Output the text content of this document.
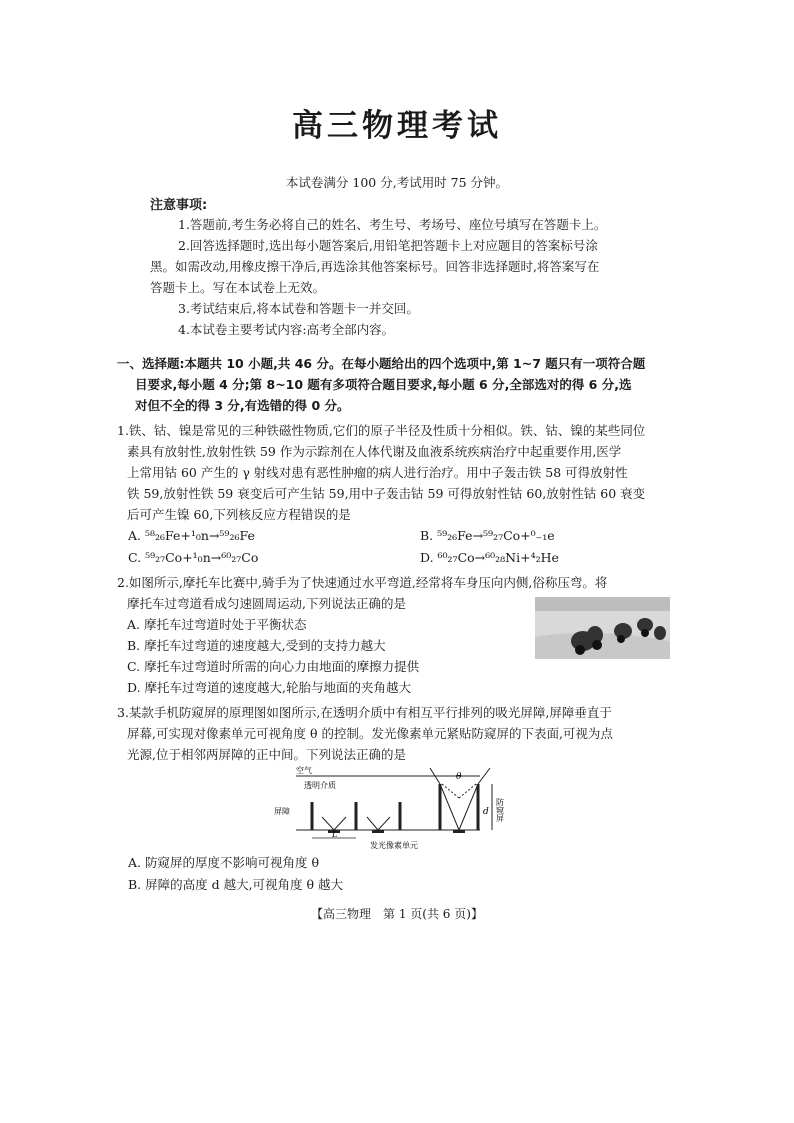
高三物理考试
本试卷满分 100 分,考试用时 75 分钟。
注意事项:
1.答题前,考生务必将自己的姓名、考生号、考场号、座位号填写在答题卡上。
2.回答选择题时,选出每小题答案后,用铅笔把答题卡上对应题目的答案标号涂
黑。如需改动,用橡皮擦干净后,再选涂其他答案标号。回答非选择题时,将答案写在
答题卡上。写在本试卷上无效。
3.考试结束后,将本试卷和答题卡一并交回。
4.本试卷主要考试内容:高考全部内容。
一、选择题:本题共 10 小题,共 46 分。在每小题给出的四个选项中,第 1~7 题只有一项符合题
目要求,每小题 4 分;第 8~10 题有多项符合题目要求,每小题 6 分,全部选对的得 6 分,选
对但不全的得 3 分,有选错的得 0 分。
1.铁、钴、镍是常见的三种铁磁性物质,它们的原子半径及性质十分相似。铁、钴、镍的某些同位
素具有放射性,放射性铁 59 作为示踪剂在人体代谢及血液系统疾病治疗中起重要作用,医学
上常用钴 60 产生的 γ 射线对患有恶性肿瘤的病人进行治疗。用中子轰击铁 58 可得放射性
铁 59,放射性铁 59 衰变后可产生钴 59,用中子轰击钴 59 可得放射性钴 60,放射性钴 60 衰变
后可产生镍 60,下列核反应方程错误的是
A. ⁵⁸₂₆Fe+¹₀n→⁵⁹₂₆Fe	B. ⁵⁹₂₆Fe→⁵⁹₂₇Co+⁰₋₁e
C. ⁵⁹₂₇Co+¹₀n→⁶⁰₂₇Co	D. ⁶⁰₂₇Co→⁶⁰₂₈Ni+⁴₂He
2.如图所示,摩托车比赛中,骑手为了快速通过水平弯道,经常将车身压向内侧,俗称压弯。将
摩托车过弯道看成匀速圆周运动,下列说法正确的是
A. 摩托车过弯道时处于平衡状态
B. 摩托车过弯道的速度越大,受到的支持力越大
C. 摩托车过弯道时所需的向心力由地面的摩擦力提供
D. 摩托车过弯道的速度越大,轮胎与地面的夹角越大
3.某款手机防窥屏的原理图如图所示,在透明介质中有相互平行排列的吸光屏障,屏障垂直于
屏幕,可实现对像素单元可视角度 θ 的控制。发光像素单元紧贴防窥屏的下表面,可视为点
光源,位于相邻两屏障的正中间。下列说法正确的是
空气
透明介质
屏障	防窥屏
发光像素单元
L
d
θ
A. 防窥屏的厚度不影响可视角度 θ
B. 屏障的高度 d 越大,可视角度 θ 越大
【高三物理　第 1 页(共 6 页)】
